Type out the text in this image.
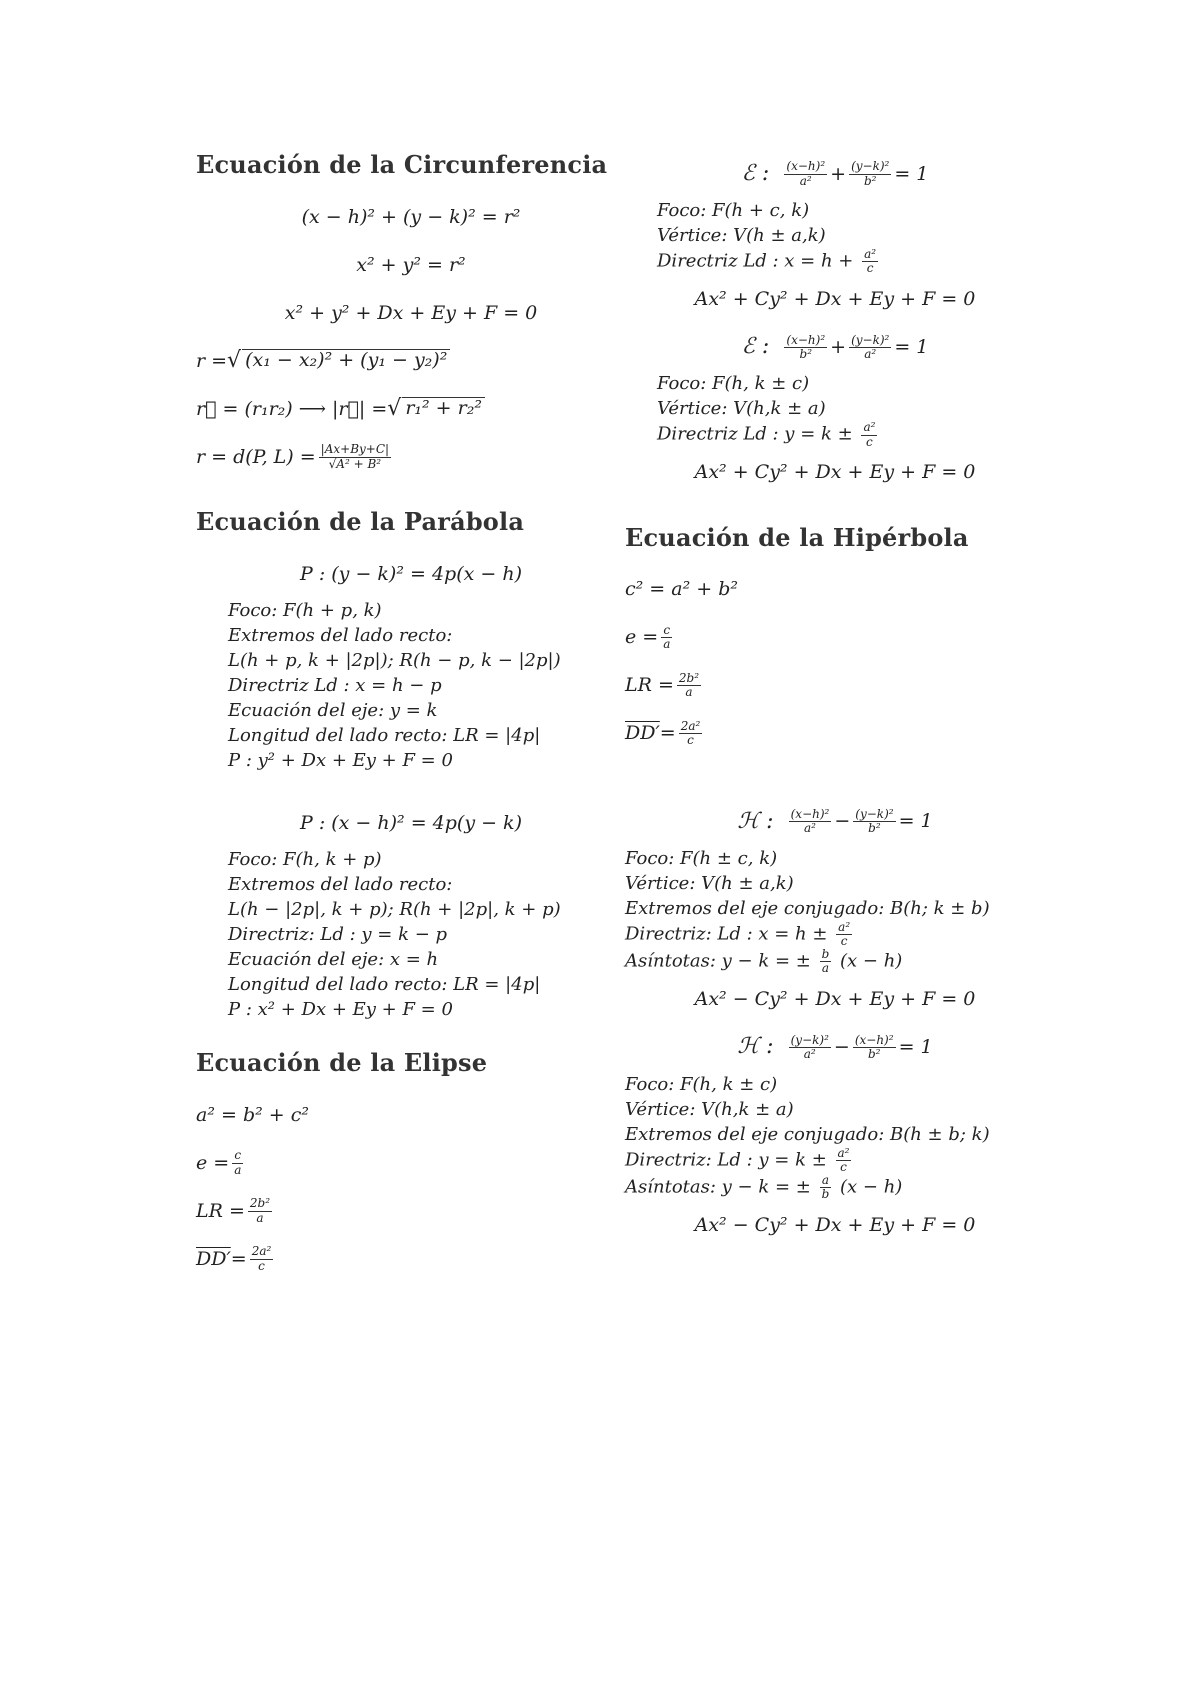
Ecuación de la Circunferencia
(x − h)² + (y − k)² = r²
x² + y² = r²
x² + y² + Dx + Ey + F = 0
r = √ (x₁ − x₂)² + (y₁ − y₂)²
r⃗ = (r₁r₂) ⟶ |r⃗| = √ r₁² + r₂²
r = d(P, $L) = \frac{|Ax+By+C|}{\text{√A² + B²}}$
Ecuación de la Parábola
P : (y − k)² = 4p(x − h)
Foco: F(h + p, k)
Extremos del lado recto:
L(h + p, k + |2p|); R(h − p, k − |2p|)
Directriz Ld : x = h − p
Ecuación del eje: y = k
Longitud del lado recto: LR = |4p|
P : y² + Dx + Ey + F = 0
P : (x − h)² = 4p(y − k)
Foco: F(h, k + p)
Extremos del lado recto:
L(h − |2p|, k + p); R(h + |2p|, k + p)
Directriz: Ld : y = k − p
Ecuación del eje: x = h
Longitud del lado recto: LR = |4p|
P : x² + Dx + Ey + F = 0
Ecuación de la Elipse
a² = b² + c²
$e = \frac{c}{a}$
LR = $\frac{\text{2b²}}{a}$
$DD' = \frac{\text{2a²}}{c}$
ℰ :
$\frac{\text{(x−h)²}}{\text{a²}} + \frac{\text{(y−k)²}}{\text{b²}} = 1$
Foco: F(h + c, k)
Vértice: V(h ± a,k)
Directriz Ld : $x = h + \frac{\text{a²}}{c}$
Ax² + Cy² + Dx + Ey + F = 0
ℰ :
$\frac{\text{(x−h)²}}{\text{b²}} + \frac{\text{(y−k)²}}{\text{a²}} = 1$
Foco: F(h, k ± c)
Vértice: V(h,k ± a)
Directriz Ld : $y = k \pm \frac{\text{a²}}{c}$
Ax² + Cy² + Dx + Ey + F = 0
Ecuación de la Hipérbola
c² = a² + b²
$e = \frac{c}{a}$
LR = $\frac{\text{2b²}}{a}$
$DD' = \frac{\text{2a²}}{c}$
ℋ :
$\frac{\text{(x−h)²}}{\text{a²}} - \frac{\text{(y−k)²}}{\text{b²}} = 1$
Foco: F(h ± c, k)
Vértice: V(h ± a,k)
Extremos del eje conjugado: B(h; k ± b)
Directriz: Ld : $x = h \pm \frac{\text{a²}}{c}$
Asíntotas: y − k = ± $\frac{b}{a} (x - h)$
Ax² − Cy² + Dx + Ey + F = 0
ℋ :
$\frac{\text{(y−k)²}}{\text{a²}} - \frac{\text{(x−h)²}}{\text{b²}} = 1$
Foco: F(h, k ± c)
Vértice: V(h,k ± a)
Extremos del eje conjugado: B(h ± b; k)
Directriz: Ld : $y = k \pm \frac{\text{a²}}{c}$
Asíntotas: y − k = ± $\frac{a}{b} (x - h)$
Ax² − Cy² + Dx + Ey + F = 0
